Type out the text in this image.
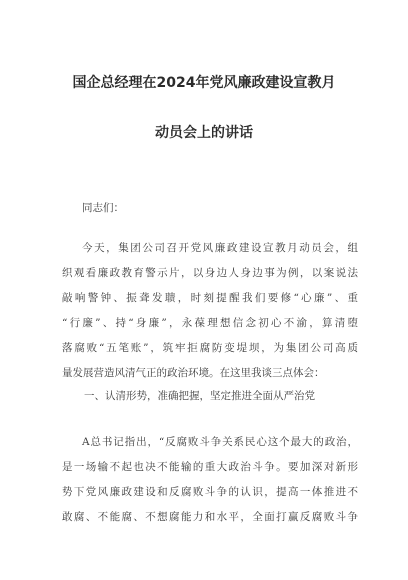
国企总经理在2024年党风廉政建设宣教月
动员会上的讲话
同志们：
今天，集团公司召开党风廉政建设宣教月动员会，组
织观看廉政教育警示片，以身边人身边事为例，以案说法
敲响警钟、振聋发聩，时刻提醒我们要修“心廉”、重
“行廉”、持“身廉”，永葆理想信念初心不渝，算清堕
落腐败“五笔账”，筑牢拒腐防变堤坝，为集团公司高质
量发展营造风清气正的政治环境。在这里我谈三点体会：
一、认清形势，准确把握，坚定推进全面从严治党
A总书记指出，“反腐败斗争关系民心这个最大的政治，
是一场输不起也决不能输的重大政治斗争。要加深对新形
势下党风廉政建设和反腐败斗争的认识，提高一体推进不
敢腐、不能腐、不想腐能力和水平，全面打赢反腐败斗争
